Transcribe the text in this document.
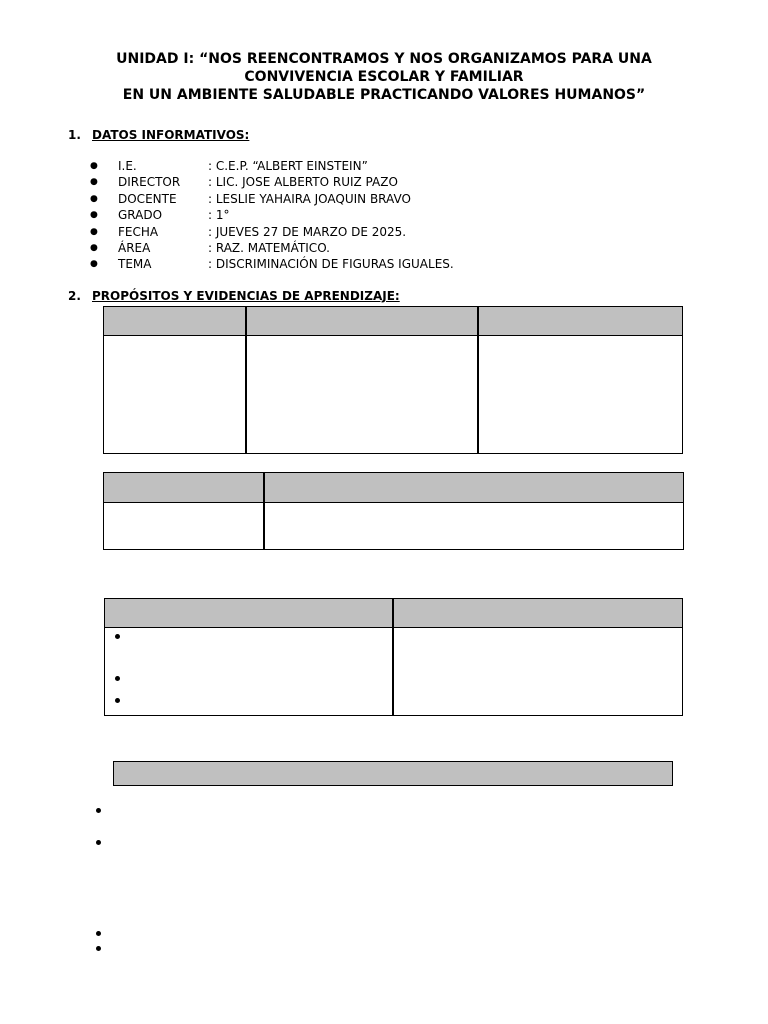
UNIDAD I: “NOS REENCONTRAMOS Y NOS ORGANIZAMOS PARA UNA
CONVIVENCIA ESCOLAR Y FAMILIAR
EN UN AMBIENTE SALUDABLE PRACTICANDO VALORES HUMANOS”
1. DATOS INFORMATIVOS:
●	I.E.	: C.E.P. “ALBERT EINSTEIN”
●	DIRECTOR	: LIC. JOSE ALBERTO RUIZ PAZO
●	DOCENTE	: LESLIE YAHAIRA JOAQUIN BRAVO
●	GRADO	: 1°
●	FECHA	: JUEVES 27 DE MARZO DE 2025.
●	ÁREA	: RAZ. MATEMÁTICO.
●	TEMA	: DISCRIMINACIÓN DE FIGURAS IGUALES.
2. PROPÓSITOS Y EVIDENCIAS DE APRENDIZAJE:
